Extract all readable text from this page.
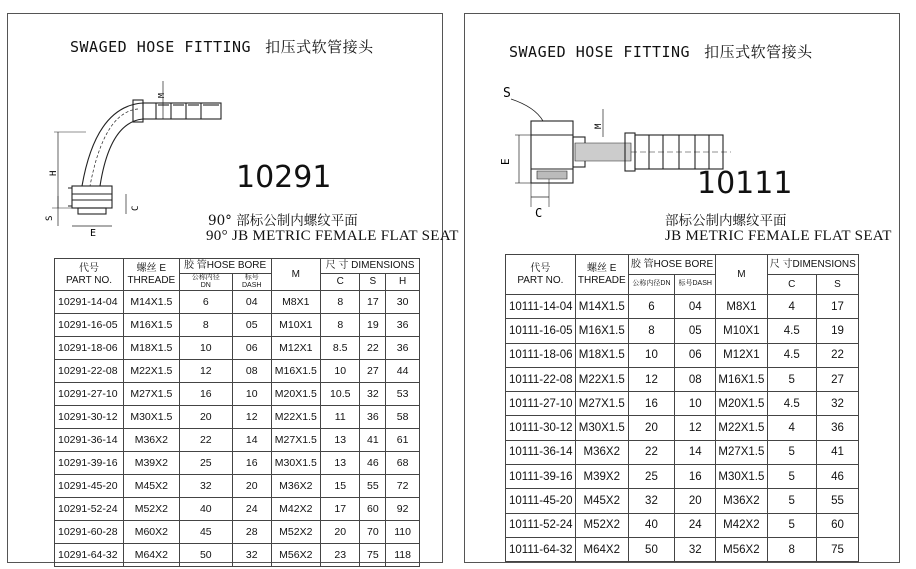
SWAGED HOSE FITTING 扣压式软管接头
M
H
S
C
E
10291
90° 部标公制内螺纹平面
90° JB METRIC FEMALE FLAT SEAT
代号
PART NO.	螺丝 E
THREADE	胶 管HOSE BORE		M	尺 寸 DIMENSIONS		
		公称内径
DN	标号
DASH		C	S	H
10291-14-04	M14X1.5	6	04	M8X1	8	17	30
10291-16-05	M16X1.5	8	05	M10X1	8	19	36
10291-18-06	M18X1.5	10	06	M12X1	8.5	22	36
10291-22-08	M22X1.5	12	08	M16X1.5	10	27	44
10291-27-10	M27X1.5	16	10	M20X1.5	10.5	32	53
10291-30-12	M30X1.5	20	12	M22X1.5	11	36	58
10291-36-14	M36X2	22	14	M27X1.5	13	41	61
10291-39-16	M39X2	25	16	M30X1.5	13	46	68
10291-45-20	M45X2	32	20	M36X2	15	55	72
10291-52-24	M52X2	40	24	M42X2	17	60	92
10291-60-28	M60X2	45	28	M52X2	20	70	110
10291-64-32	M64X2	50	32	M56X2	23	75	118
SWAGED HOSE FITTING 扣压式软管接头
S
M
E
C
10111
部标公制内螺纹平面
JB METRIC FEMALE FLAT SEAT
代号
PART NO.	螺丝 E
THREADE	胶 管HOSE BORE		M	尺 寸DIMENSIONS	
		公称内径DN	标号DASH		C	S
10111-14-04	M14X1.5	6	04	M8X1	4	17
10111-16-05	M16X1.5	8	05	M10X1	4.5	19
10111-18-06	M18X1.5	10	06	M12X1	4.5	22
10111-22-08	M22X1.5	12	08	M16X1.5	5	27
10111-27-10	M27X1.5	16	10	M20X1.5	4.5	32
10111-30-12	M30X1.5	20	12	M22X1.5	4	36
10111-36-14	M36X2	22	14	M27X1.5	5	41
10111-39-16	M39X2	25	16	M30X1.5	5	46
10111-45-20	M45X2	32	20	M36X2	5	55
10111-52-24	M52X2	40	24	M42X2	5	60
10111-64-32	M64X2	50	32	M56X2	8	75
